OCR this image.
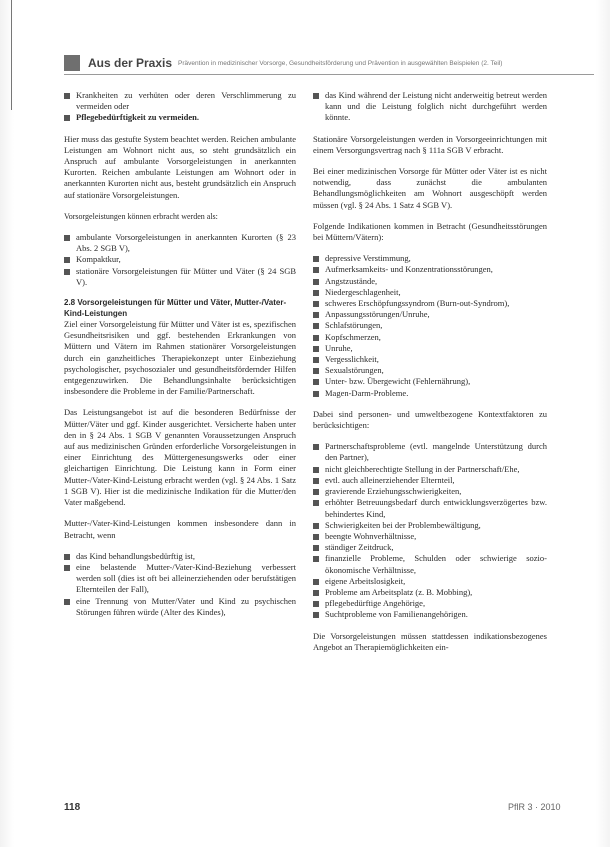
Aus der Praxis Prävention in medizinischer Vorsorge, Gesundheitsförderung und Prävention in ausgewählten Beispielen (2. Teil)
Krankheiten zu verhüten oder deren Verschlimmerung zu vermeiden oder
Pflegebedürftigkeit zu vermeiden.

Hier muss das gestufte System beachtet werden. Reichen ambulante Leistungen am Wohnort nicht aus, so steht grundsätzlich ein Anspruch auf ambulante Vorsorgeleistungen in anerkannten Kurorten. Reichen ambulante Leistungen am Wohnort oder in anerkannten Kurorten nicht aus, besteht grundsätzlich ein Anspruch auf stationäre Vorsorgeleistungen.

Vorsorgeleistungen können erbracht werden als:

ambulante Vorsorgeleistungen in anerkannten Kurorten (§ 23 Abs. 2 SGB V),
Kompaktkur,
stationäre Vorsorgeleistungen für Mütter und Väter (§ 24 SGB V).
2.8 Vorsorgeleistungen für Mütter und Väter, Mutter-/Vater-Kind-Leistungen

Ziel einer Vorsorgeleistung für Mütter und Väter ist es, spezifischen Gesundheitsrisiken und ggf. bestehenden Erkrankungen von Müttern und Vätern im Rahmen stationärer Vorsorgeleistungen durch ein ganzheitliches Therapiekonzept unter Einbeziehung psychologischer, psychosozialer und gesundheitsfördernder Hilfen entgegenzuwirken. Die Behandlungsinhalte berücksichtigen insbesondere die Probleme in der Familie/Partnerschaft.

Das Leistungsangebot ist auf die besonderen Bedürfnisse der Mütter/Väter und ggf. Kinder ausgerichtet. Versicherte haben unter den in § 24 Abs. 1 SGB V genannten Voraussetzungen Anspruch auf aus medizinischen Gründen erforderliche Vorsorgeleistungen in einer Einrichtung des Müttergenesungswerks oder einer gleichartigen Einrichtung. Die Leistung kann in Form einer Mutter-/Vater-Kind-Leistung erbracht werden (vgl. § 24 Abs. 1 Satz 1 SGB V). Hier ist die medizinische Indikation für die Mutter/den Vater maßgebend.

Mutter-/Vater-Kind-Leistungen kommen insbesondere dann in Betracht, wenn

das Kind behandlungsbedürftig ist,
eine belastende Mutter-/Vater-Kind-Beziehung verbessert werden soll (dies ist oft bei alleinerziehenden oder berufstätigen Elternteilen der Fall),
eine Trennung von Mutter/Vater und Kind zu psychischen Störungen führen würde (Alter des Kindes),
das Kind während der Leistung nicht anderweitig betreut werden kann und die Leistung folglich nicht durchgeführt werden könnte.

Stationäre Vorsorgeleistungen werden in Vorsorgeeinrichtungen mit einem Versorgungsvertrag nach § 111a SGB V erbracht.

Bei einer medizinischen Vorsorge für Mütter oder Väter ist es nicht notwendig, dass zunächst die ambulanten Behandlungsmöglichkeiten am Wohnort ausgeschöpft werden müssen (vgl. § 24 Abs. 1 Satz 4 SGB V).

Folgende Indikationen kommen in Betracht (Gesundheitsstörungen bei Müttern/Vätern):

depressive Verstimmung,
Aufmerksamkeits- und Konzentrationsstörungen,
Angstzustände,
Niedergeschlagenheit,
schweres Erschöpfungssyndrom (Burn-out-Syndrom),
Anpassungsstörungen/Unruhe,
Schlafstörungen,
Kopfschmerzen,
Unruhe,
Vergesslichkeit,
Sexualstörungen,
Unter- bzw. Übergewicht (Fehlernährung),
Magen-Darm-Probleme.

Dabei sind personen- und umweltbezogene Kontextfaktoren zu berücksichtigen:

Partnerschaftsprobleme (evtl. mangelnde Unterstützung durch den Partner),
nicht gleichberechtigte Stellung in der Partnerschaft/Ehe,
evtl. auch alleinerziehender Elternteil,
gravierende Erziehungsschwierigkeiten,
erhöhter Betreuungsbedarf durch entwicklungsverzögertes bzw. behindertes Kind,
Schwierigkeiten bei der Problembewältigung,
beengte Wohnverhältnisse,
ständiger Zeitdruck,
finanzielle Probleme, Schulden oder schwierige sozio-ökonomische Verhältnisse,
eigene Arbeitslosigkeit,
Probleme am Arbeitsplatz (z. B. Mobbing),
pflegebedürftige Angehörige,
Suchtprobleme von Familienangehörigen.

Die Vorsorgeleistungen müssen stattdessen indikationsbezogenes Angebot an Therapiemöglichkeiten ein-

118	PflR 3 · 2010
